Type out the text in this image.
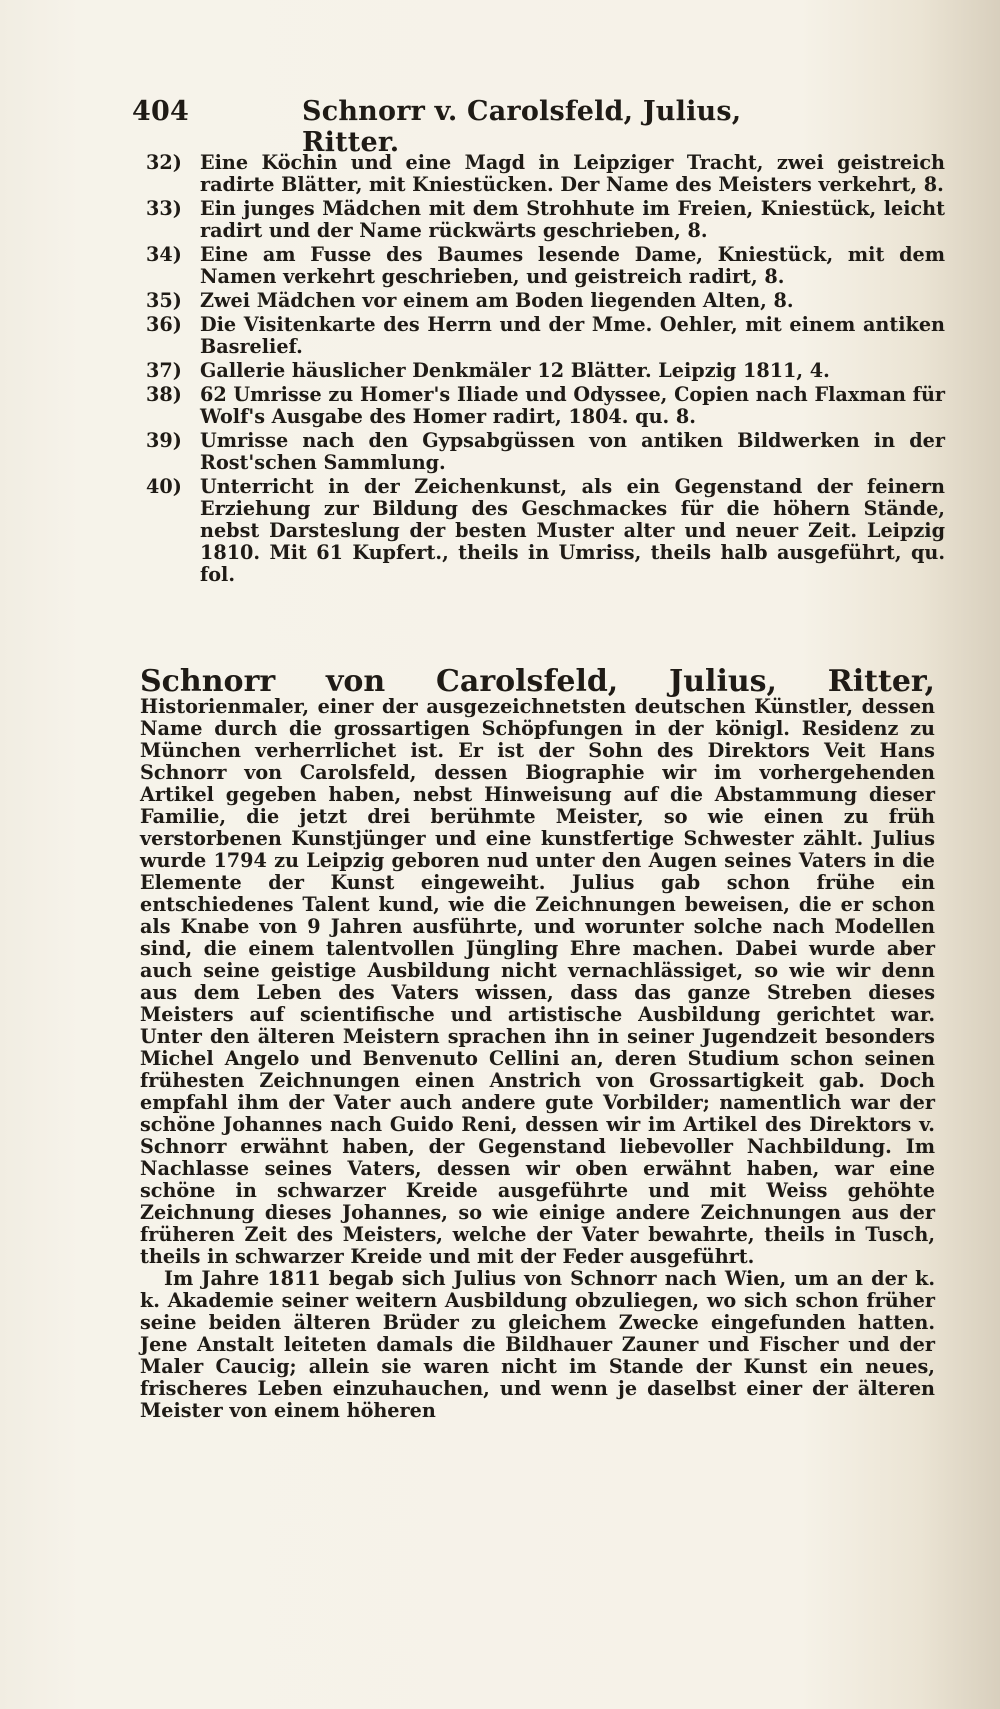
404	Schnorr v. Carolsfeld, Julius, Ritter.
32) Eine Köchin und eine Magd in Leipziger Tracht, zwei geistreich radirte Blätter, mit Kniestücken. Der Name des Meisters verkehrt, 8.
33) Ein junges Mädchen mit dem Strohhute im Freien, Kniestück, leicht radirt und der Name rückwärts geschrieben, 8.
34) Eine am Fusse des Baumes lesende Dame, Kniestück, mit dem Namen verkehrt geschrieben, und geistreich radirt, 8.
35) Zwei Mädchen vor einem am Boden liegenden Alten, 8.
36) Die Visitenkarte des Herrn und der Mme. Oehler, mit einem antiken Basrelief.
37) Gallerie häuslicher Denkmäler 12 Blätter. Leipzig 1811, 4.
38) 62 Umrisse zu Homer's Iliade und Odyssee, Copien nach Flaxman für Wolf's Ausgabe des Homer radirt, 1804. qu. 8.
39) Umrisse nach den Gypsabgüssen von antiken Bildwerken in der Rost'schen Sammlung.
40) Unterricht in der Zeichenkunst, als ein Gegenstand der feinern Erziehung zur Bildung des Geschmackes für die höhern Stände, nebst Darsteslung der besten Muster alter und neuer Zeit. Leipzig 1810. Mit 61 Kupfert., theils in Umriss, theils halb ausgeführt, qu. fol.

Schnorr von Carolsfeld, Julius, Ritter, Historienmaler, einer der ausgezeichnetsten deutschen Künstler, dessen Name durch die grossartigen Schöpfungen in der königl. Residenz zu München verherrlichet ist. Er ist der Sohn des Direktors Veit Hans Schnorr von Carolsfeld, dessen Biographie wir im vorhergehenden Artikel gegeben haben, nebst Hinweisung auf die Abstammung dieser Familie, die jetzt drei berühmte Meister, so wie einen zu früh verstorbenen Kunstjünger und eine kunstfertige Schwester zählt. Julius wurde 1794 zu Leipzig geboren nud unter den Augen seines Vaters in die Elemente der Kunst eingeweiht. Julius gab schon frühe ein entschiedenes Talent kund, wie die Zeichnungen beweisen, die er schon als Knabe von 9 Jahren ausführte, und worunter solche nach Modellen sind, die einem talentvollen Jüngling Ehre machen. Dabei wurde aber auch seine geistige Ausbildung nicht vernachlässiget, so wie wir denn aus dem Leben des Vaters wissen, dass das ganze Streben dieses Meisters auf scientifische und artistische Ausbildung gerichtet war. Unter den älteren Meistern sprachen ihn in seiner Jugendzeit besonders Michel Angelo und Benvenuto Cellini an, deren Studium schon seinen frühesten Zeichnungen einen Anstrich von Grossartigkeit gab. Doch empfahl ihm der Vater auch andere gute Vorbilder; namentlich war der schöne Johannes nach Guido Reni, dessen wir im Artikel des Direktors v. Schnorr erwähnt haben, der Gegenstand liebevoller Nachbildung. Im Nachlasse seines Vaters, dessen wir oben erwähnt haben, war eine schöne in schwarzer Kreide ausgeführte und mit Weiss gehöhte Zeichnung dieses Johannes, so wie einige andere Zeichnungen aus der früheren Zeit des Meisters, welche der Vater bewahrte, theils in Tusch, theils in schwarzer Kreide und mit der Feder ausgeführt.

Im Jahre 1811 begab sich Julius von Schnorr nach Wien, um an der k. k. Akademie seiner weitern Ausbildung obzuliegen, wo sich schon früher seine beiden älteren Brüder zu gleichem Zwecke eingefunden hatten. Jene Anstalt leiteten damals die Bildhauer Zauner und Fischer und der Maler Caucig; allein sie waren nicht im Stande der Kunst ein neues, frischeres Leben einzuhauchen, und wenn je daselbst einer der älteren Meister von einem höheren
